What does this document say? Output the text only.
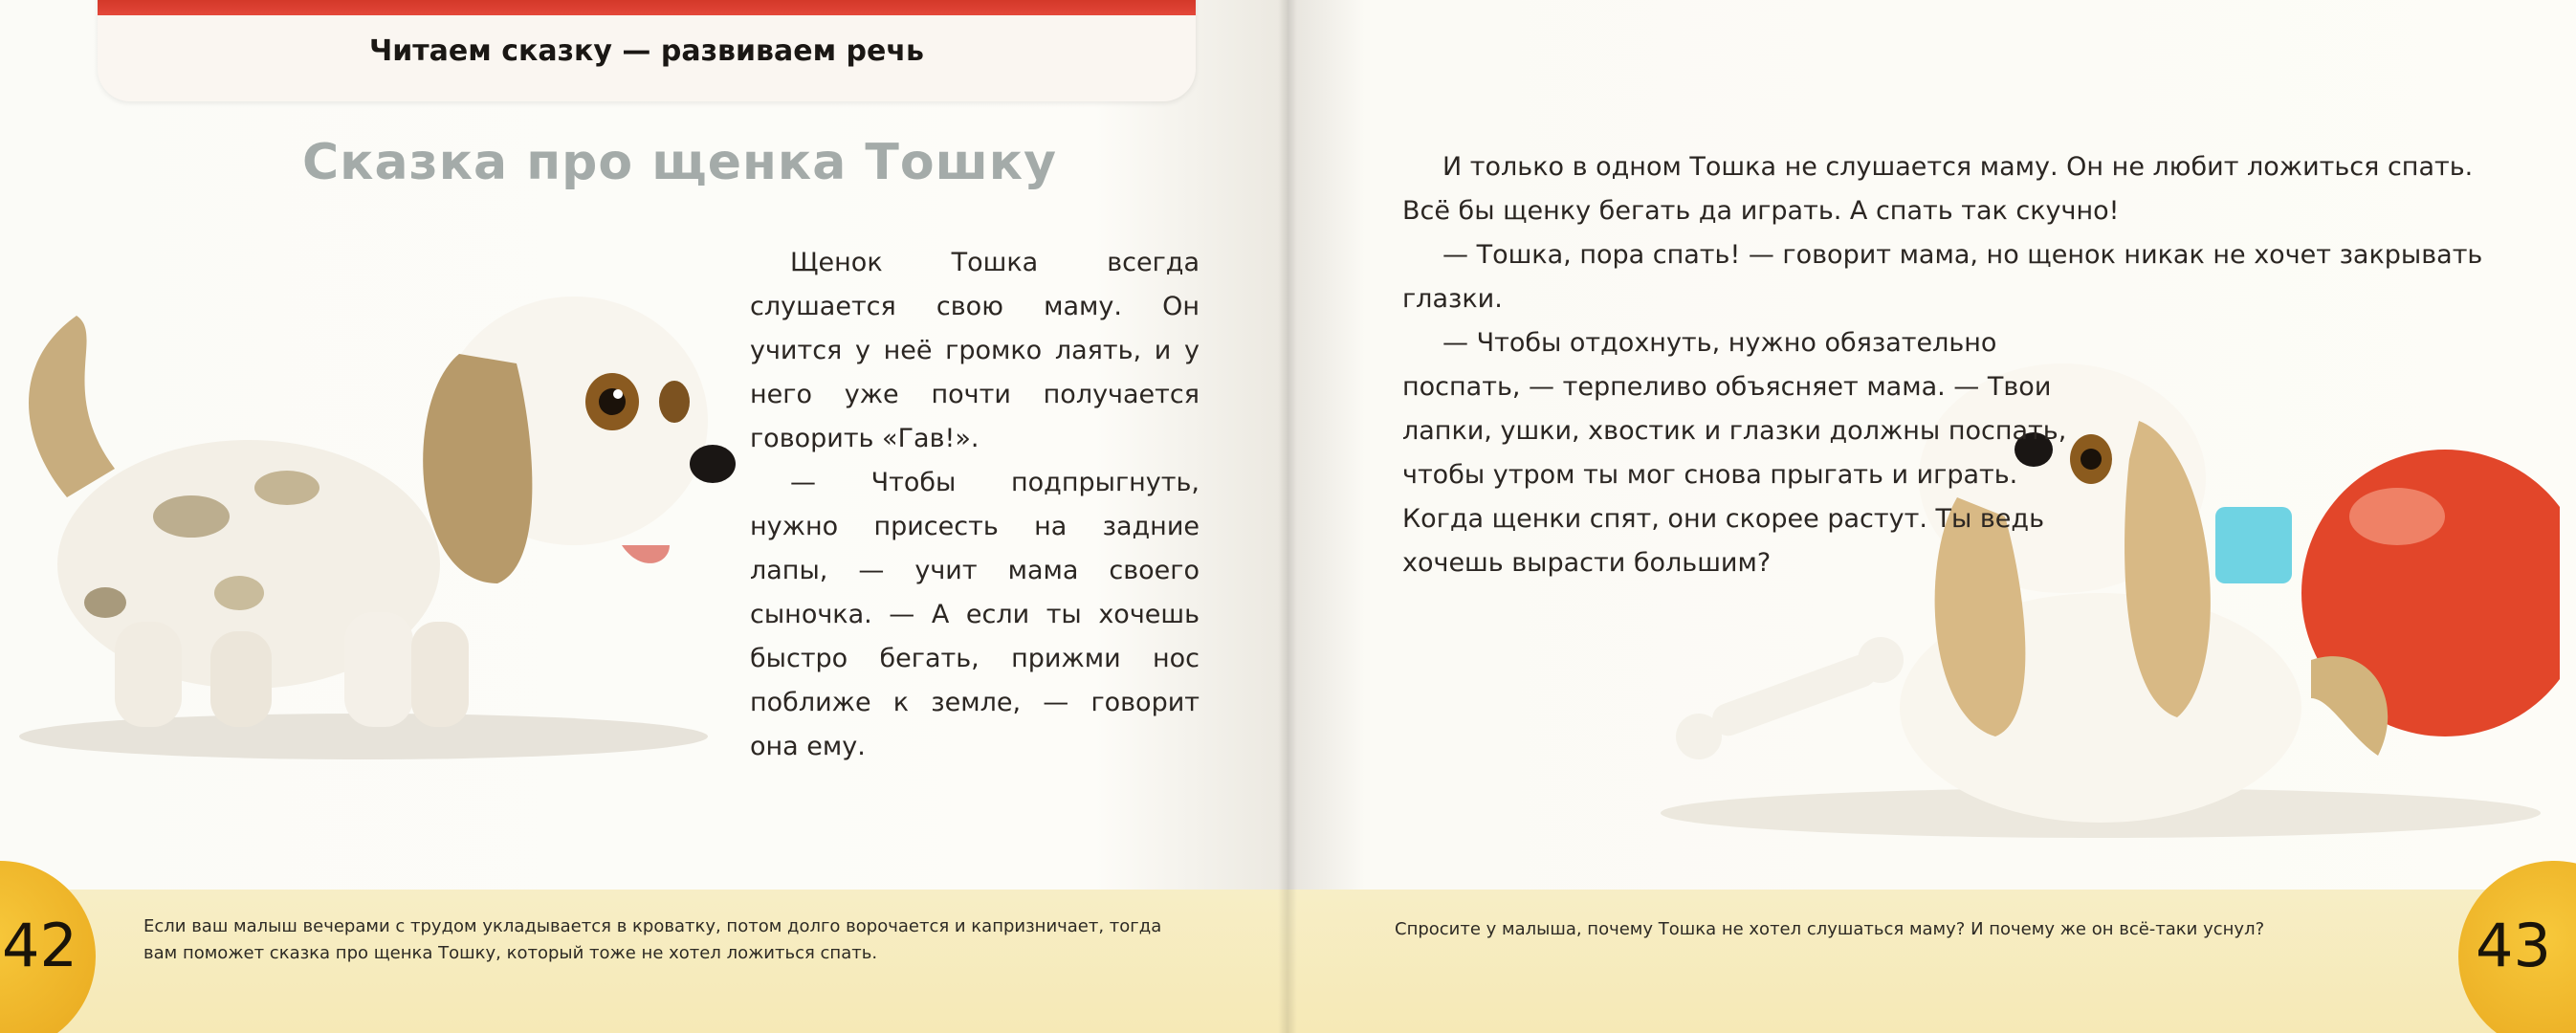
Читаем сказку — развиваем речь
Сказка про щенка Тошку

Щенок Тошка всегда слушается свою маму. Он учится у неё громко лаять, и у него уже почти получается говорить «Гав!».

— Чтобы подпрыгнуть, нужно присесть на задние лапы, — учит мама своего сыночка. — А если ты хочешь быстро бегать, прижми нос поближе к земле, — говорит она ему.

Если ваш малыш вечерами с трудом укладывается в кроватку, потом долго ворочается и капризничает, тогда вам поможет сказка про щенка Тошку, который тоже не хотел ложиться спать.
42

И только в одном Тошка не слушается маму. Он не любит ложиться спать. Всё бы щенку бегать да играть. А спать так скучно!

— Тошка, пора спать! — говорит мама, но щенок никак не хочет закрывать глазки.

— Чтобы отдохнуть, нужно обязательно поспать, — терпеливо объясняет мама. — Твои лапки, ушки, хвостик и глазки должны поспать, чтобы утром ты мог снова прыгать и играть. Когда щенки спят, они скорее растут. Ты ведь хочешь вырасти большим?

Спросите у малыша, почему Тошка не хотел слушаться маму? И почему же он всё-таки уснул?	43
